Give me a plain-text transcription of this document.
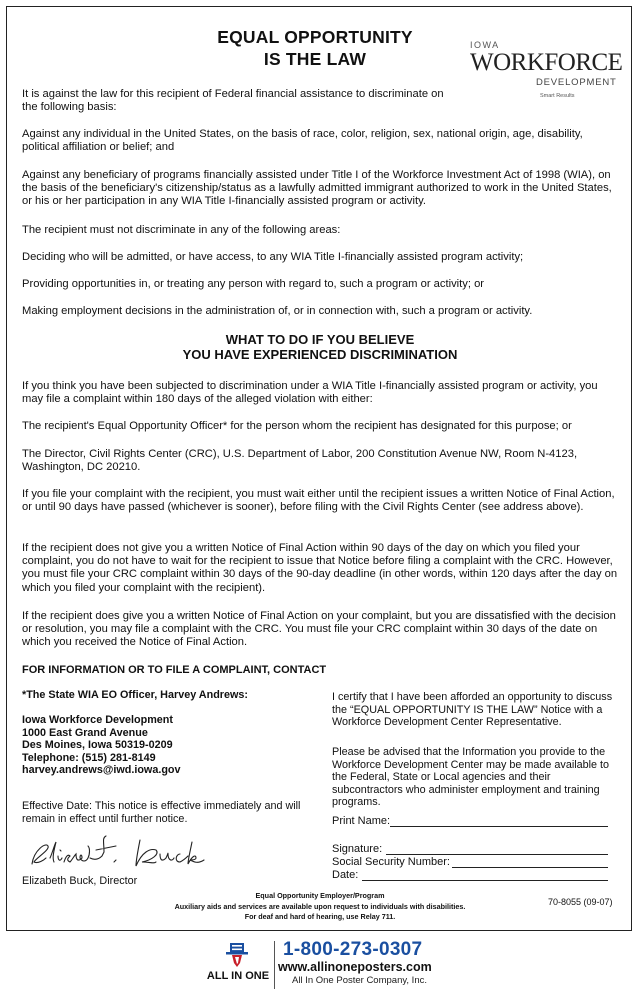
EQUAL OPPORTUNITY
IS THE LAW
IOWA
WORKFORCE
DEVELOPMENT
Smart Results

It is against the law for this recipient of Federal financial assistance to discriminate on the following basis:

Against any individual in the United States, on the basis of race, color, religion, sex, national origin, age, disability, political affiliation or belief; and

Against any beneficiary of programs financially assisted under Title I of the Workforce Investment Act of 1998 (WIA), on the basis of the beneficiary's citizenship/status as a lawfully admitted immigrant authorized to work in the United States, or his or her participation in any WIA Title I-financially assisted program or activity.

The recipient must not discriminate in any of the following areas:

Deciding who will be admitted, or have access, to any WIA Title I-financially assisted program activity;

Providing opportunities in, or treating any person with regard to, such a program or activity; or

Making employment decisions in the administration of, or in connection with, such a program or activity.

WHAT TO DO IF YOU BELIEVE
YOU HAVE EXPERIENCED DISCRIMINATION

If you think you have been subjected to discrimination under a WIA Title I-financially assisted program or activity, you may file a complaint within 180 days of the alleged violation with either:

The recipient's Equal Opportunity Officer* for the person whom the recipient has designated for this purpose; or

The Director, Civil Rights Center (CRC), U.S. Department of Labor, 200 Constitution Avenue NW, Room N-4123, Washington, DC 20210.

If you file your complaint with the recipient, you must wait either until the recipient issues a written Notice of Final Action, or until 90 days have passed (whichever is sooner), before filing with the Civil Rights Center (see address above).

If the recipient does not give you a written Notice of Final Action within 90 days of the day on which you filed your complaint, you do not have to wait for the recipient to issue that Notice before filing a complaint with the CRC. However, you must file your CRC complaint within 30 days of the 90-day deadline (in other words, within 120 days after the day on which you filed your complaint with the recipient).

If the recipient does give you a written Notice of Final Action on your complaint, but you are dissatisfied with the decision or resolution, you may file a complaint with the CRC. You must file your CRC complaint within 30 days of the date on which you received the Notice of Final Action.

FOR INFORMATION OR TO FILE A COMPLAINT, CONTACT

*The State WIA EO Officer, Harvey Andrews:

Iowa Workforce Development
1000 East Grand Avenue
Des Moines, Iowa 50319-0209
Telephone: (515) 281-8149
harvey.andrews@iwd.iowa.gov

Effective Date: This notice is effective immediately and will remain in effect until further notice.

Elizabeth Buck, Director

I certify that I have been afforded an opportunity to discuss the “EQUAL OPPORTUNITY IS THE LAW” Notice with a Workforce Development Center Representative.

Please be advised that the Information you provide to the Workforce Development Center may be made available to the Federal, State or Local agencies and their subcontractors who administer employment and training programs.

Print Name:
Signature:
Social Security Number:
Date:
Equal Opportunity Employer/Program
Auxiliary aids and services are available upon request to individuals with disabilities.
For deaf and hard of hearing, use Relay 711.
70-8055 (09-07)
ALL IN ONE
1-800-273-0307
www.allinoneposters.com
All In One Poster Company, Inc.
